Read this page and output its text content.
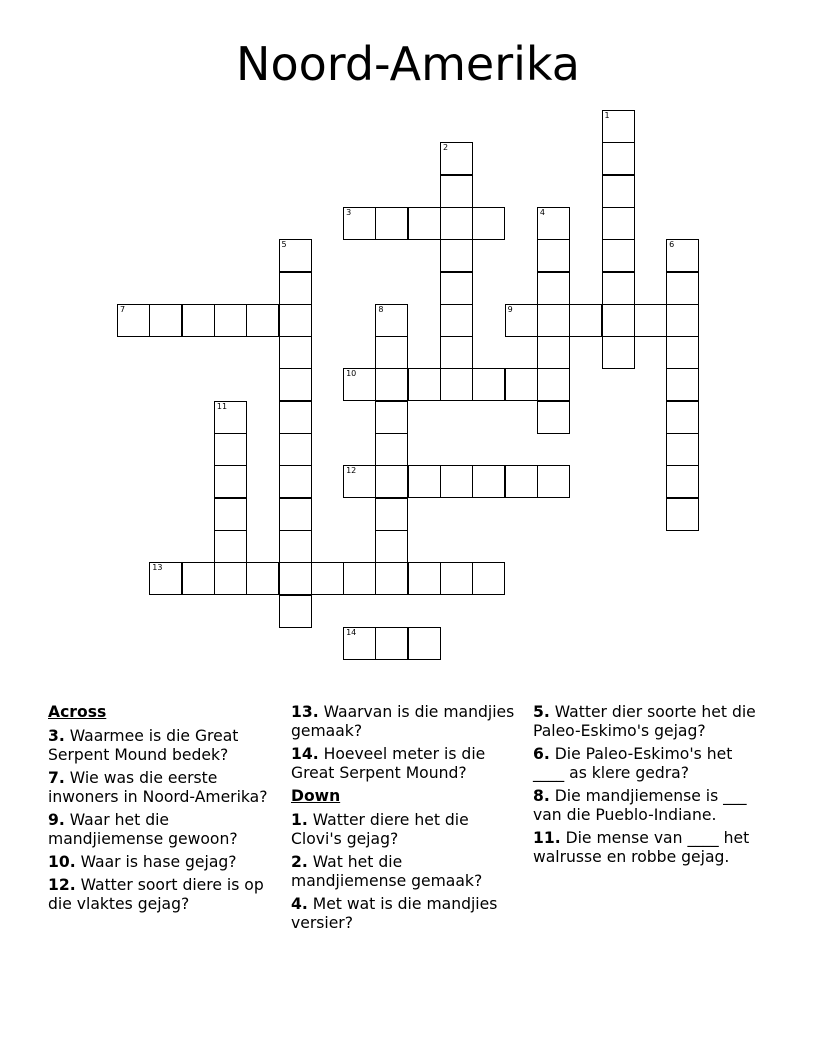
Noord-Amerika
1
2
3	4
5	6
7	8	9
10
11
12
13
14
Across
3. Waarmee is die Great Serpent Mound bedek?
7. Wie was die eerste inwoners in Noord-Amerika?
9. Waar het die mandjiemense gewoon?
10. Waar is hase gejag?
12. Watter soort diere is op die vlaktes gejag?
13. Waarvan is die mandjies gemaak?
14. Hoeveel meter is die Great Serpent Mound?
Down
1. Watter diere het die Clovi's gejag?
2. Wat het die mandjiemense gemaak?
4. Met wat is die mandjies versier?
5. Watter dier soorte het die Paleo-Eskimo's gejag?
6. Die Paleo-Eskimo's het ____ as klere gedra?
8. Die mandjiemense is ___ van die Pueblo-Indiane.
11. Die mense van ____ het walrusse en robbe gejag.
